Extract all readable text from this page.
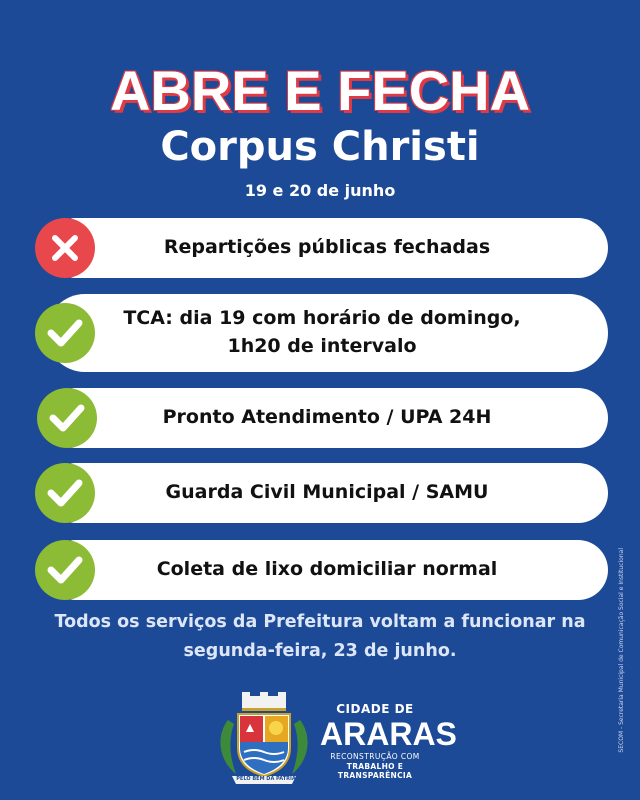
ABRE E FECHA
Corpus Christi
19 e 20 de junho
Repartições públicas fechadas
TCA: dia 19 com horário de domingo,
1h20 de intervalo
Pronto Atendimento / UPA 24H
Guarda Civil Municipal / SAMU
Coleta de lixo domiciliar normal
Todos os serviços da Prefeitura voltam a funcionar na
segunda-feira, 23 de junho.	SECOM - Secretaria Municipal de Comunicação Social e Institucional
PELO BEM DA PÁTRIA
CIDADE DE
ARARAS
RECONSTRUÇÃO COM
TRABALHO E TRANSPARÊNCIA
